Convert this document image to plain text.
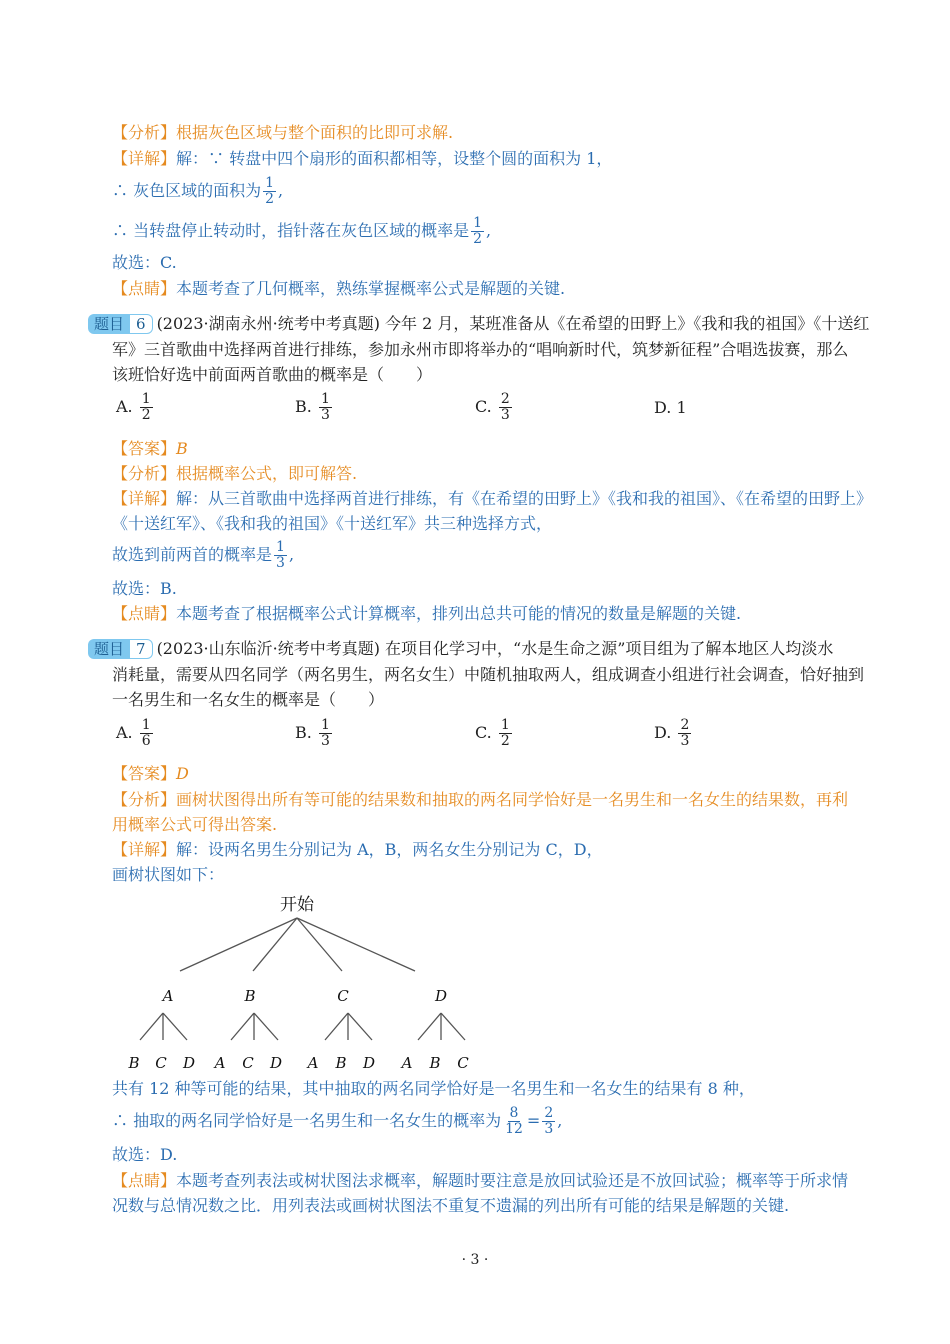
【分析】根据灰色区域与整个面积的比即可求解.
【详解】解：∵ 转盘中四个扇形的面积都相等，设整个圆的面积为 1，
∴ 灰色区域的面积为 $\frac{1}{2}$ ,
∴ 当转盘停止转动时，指针落在灰色区域的概率是 $\frac{1}{2}$ ,
故选：C.
【点睛】本题考查了几何概率，熟练掌握概率公式是解题的关键.
题目 6 (2023·湖南永州·统考中考真题) 今年 2 月，某班准备从《在希望的田野上》《我和我的祖国》《十送红
军》三首歌曲中选择两首进行排练，参加永州市即将举办的“唱响新时代，筑梦新征程”合唱选拔赛，那么
该班恰好选中前面两首歌曲的概率是（　　）
A. $\frac{1}{2}$	B. $\frac{1}{3}$	C. $\frac{2}{3}$	D. 1
【答案】B
【分析】根据概率公式，即可解答.
【详解】解：从三首歌曲中选择两首进行排练，有《在希望的田野上》《我和我的祖国》、《在希望的田野上》
《十送红军》、《我和我的祖国》《十送红军》共三种选择方式，
故选到前两首的概率是 $\frac{1}{3}$ ,
故选：B.
【点睛】本题考查了根据概率公式计算概率，排列出总共可能的情况的数量是解题的关键.
题目 7 (2023·山东临沂·统考中考真题) 在项目化学习中，“水是生命之源”项目组为了解本地区人均淡水
消耗量，需要从四名同学（两名男生，两名女生）中随机抽取两人，组成调查小组进行社会调查，恰好抽到
一名男生和一名女生的概率是（　　）
A. $\frac{1}{6}$	B. $\frac{1}{3}$	C. $\frac{1}{2}$	D. $\frac{2}{3}$
【答案】D
【分析】画树状图得出所有等可能的结果数和抽取的两名同学恰好是一名男生和一名女生的结果数，再利
用概率公式可得出答案.
【详解】解：设两名男生分别记为 A，B，两名女生分别记为 C，D，
画树状图如下：
开始
A	B	C	D
B C D A C D A B D A B C
共有 12 种等可能的结果，其中抽取的两名同学恰好是一名男生和一名女生的结果有 8 种，
∴ 抽取的两名同学恰好是一名男生和一名女生的概率为 $\frac{8}{12} = \frac{2}{3}$ ,
故选：D.
【点睛】本题考查列表法或树状图法求概率，解题时要注意是放回试验还是不放回试验；概率等于所求情
况数与总情况数之比．用列表法或画树状图法不重复不遗漏的列出所有可能的结果是解题的关键.
· 3 ·
